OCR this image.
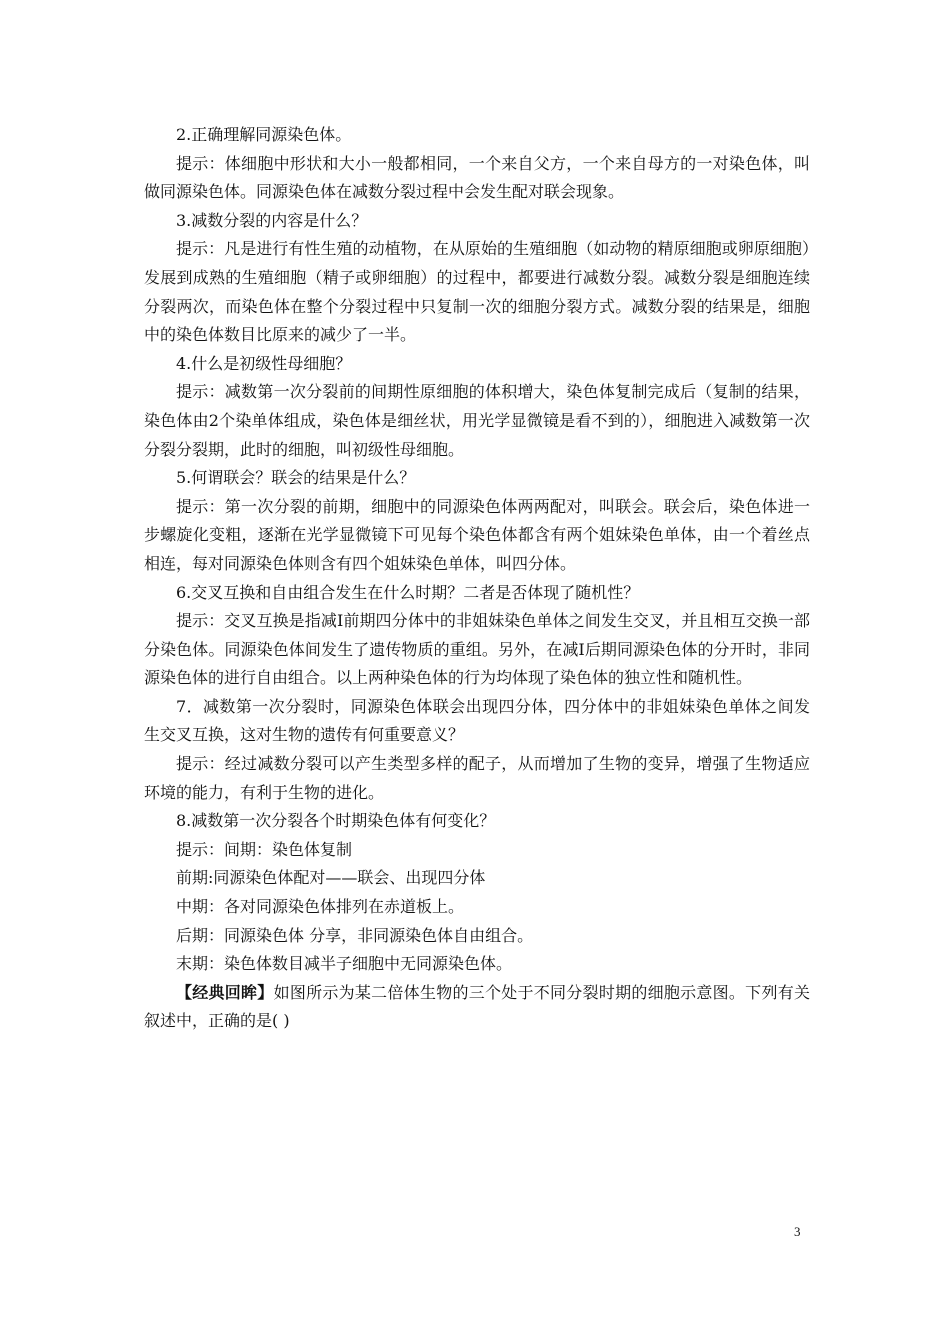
2.正确理解同源染色体。

提示：体细胞中形状和大小一般都相同，一个来自父方，一个来自母方的一对染色体，叫做同源染色体。同源染色体在减数分裂过程中会发生配对联会现象。

3.减数分裂的内容是什么？

提示：凡是进行有性生殖的动植物，在从原始的生殖细胞（如动物的精原细胞或卵原细胞）发展到成熟的生殖细胞（精子或卵细胞）的过程中，都要进行减数分裂。减数分裂是细胞连续分裂两次，而染色体在整个分裂过程中只复制一次的细胞分裂方式。减数分裂的结果是，细胞中的染色体数目比原来的减少了一半。

4.什么是初级性母细胞？

提示：减数第一次分裂前的间期性原细胞的体积增大，染色体复制完成后（复制的结果，染色体由2个染单体组成，染色体是细丝状，用光学显微镜是看不到的），细胞进入减数第一次分裂分裂期，此时的细胞，叫初级性母细胞。

5.何谓联会？联会的结果是什么？

提示：第一次分裂的前期，细胞中的同源染色体两两配对，叫联会。联会后，染色体进一步螺旋化变粗，逐渐在光学显微镜下可见每个染色体都含有两个姐妹染色单体，由一个着丝点相连，每对同源染色体则含有四个姐妹染色单体，叫四分体。

6.交叉互换和自由组合发生在什么时期？二者是否体现了随机性？

提示：交叉互换是指减Ⅰ前期四分体中的非姐妹染色单体之间发生交叉，并且相互交换一部分染色体。同源染色体间发生了遗传物质的重组。另外，在减Ⅰ后期同源染色体的分开时，非同源染色体的进行自由组合。以上两种染色体的行为均体现了染色体的独立性和随机性。

7．减数第一次分裂时，同源染色体联会出现四分体，四分体中的非姐妹染色单体之间发生交叉互换，这对生物的遗传有何重要意义？

提示：经过减数分裂可以产生类型多样的配子，从而增加了生物的变异，增强了生物适应环境的能力，有利于生物的进化。

8.减数第一次分裂各个时期染色体有何变化？

提示：间期：染色体复制

前期:同源染色体配对——联会、出现四分体

中期：各对同源染色体排列在赤道板上。

后期：同源染色体 分享，非同源染色体自由组合。

末期：染色体数目减半子细胞中无同源染色体。

【经典回眸】如图所示为某二倍体生物的三个处于不同分裂时期的细胞示意图。下列有关叙述中，正确的是( )

3
